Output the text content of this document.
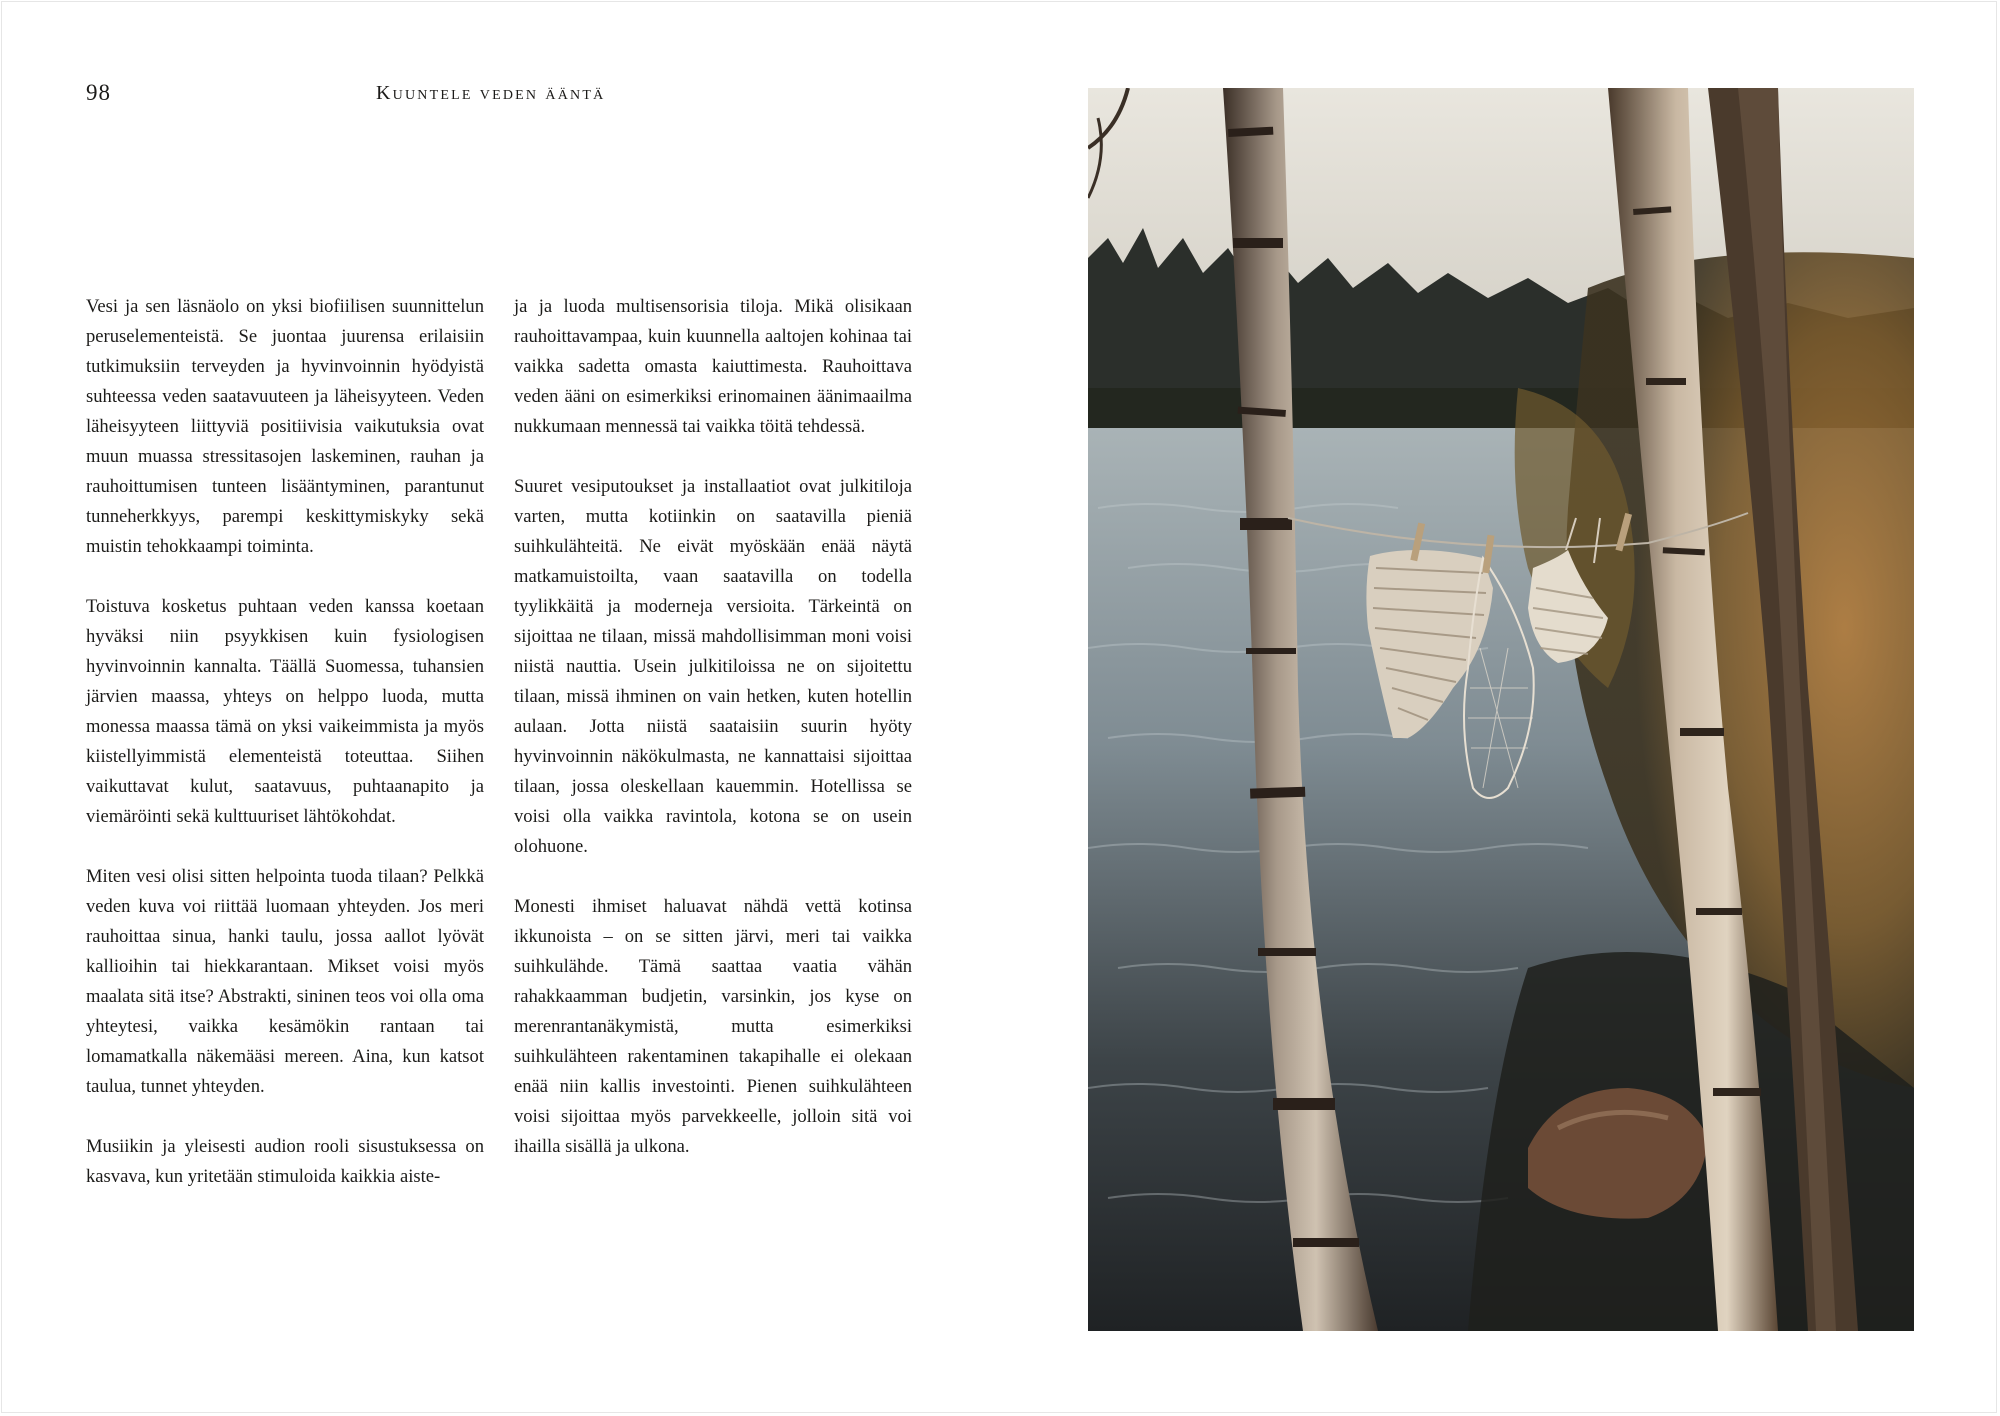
98	Kuuntele veden ääntä

Vesi ja sen läsnäolo on yksi biofiilisen suunnittelun peruselementeistä. Se juontaa juurensa erilaisiin tutkimuksiin terveyden ja hyvinvoinnin hyödyistä suhteessa veden saatavuuteen ja läheisyyteen. Veden läheisyyteen liittyviä positiivisia vaikutuksia ovat muun muassa stressitasojen laskeminen, rauhan ja rauhoittumisen tunteen lisääntyminen, parantunut tunneherkkyys, parempi keskittymiskyky sekä muistin tehokkaampi toiminta.

Toistuva kosketus puhtaan veden kanssa koetaan hyväksi niin psyykkisen kuin fysiologisen hyvinvoinnin kannalta. Täällä Suomessa, tuhansien järvien maassa, yhteys on helppo luoda, mutta monessa maassa tämä on yksi vaikeimmista ja myös kiistellyimmistä elementeistä toteuttaa. Siihen vaikuttavat kulut, saatavuus, puhtaanapito ja viemäröinti sekä kulttuuriset lähtökohdat.

Miten vesi olisi sitten helpointa tuoda tilaan? Pelkkä veden kuva voi riittää luomaan yhteyden. Jos meri rauhoittaa sinua, hanki taulu, jossa aallot lyövät kallioihin tai hiekkarantaan. Mikset voisi myös maalata sitä itse? Abstrakti, sininen teos voi olla oma yhteytesi, vaikka kesämökin rantaan tai lomamatkalla näkemääsi mereen. Aina, kun katsot taulua, tunnet yhteyden.

Musiikin ja yleisesti audion rooli sisustuksessa on kasvava, kun yritetään stimuloida kaikkia aiste-

ja ja luoda multisensorisia tiloja. Mikä olisikaan rauhoittavampaa, kuin kuunnella aaltojen kohinaa tai vaikka sadetta omasta kaiuttimesta. Rauhoittava veden ääni on esimerkiksi erinomainen äänimaailma nukkumaan mennessä tai vaikka töitä tehdessä.

Suuret vesiputoukset ja installaatiot ovat julkitiloja varten, mutta kotiinkin on saatavilla pieniä suihkulähteitä. Ne eivät myöskään enää näytä matkamuistoilta, vaan saatavilla on todella tyylikkäitä ja moderneja versioita. Tärkeintä on sijoittaa ne tilaan, missä mahdollisimman moni voisi niistä nauttia. Usein julkitiloissa ne on sijoitettu tilaan, missä ihminen on vain hetken, kuten hotellin aulaan. Jotta niistä saataisiin suurin hyöty hyvinvoinnin näkökulmasta, ne kannattaisi sijoittaa tilaan, jossa oleskellaan kauemmin. Hotellissa se voisi olla vaikka ravintola, kotona se on usein olohuone.

Monesti ihmiset haluavat nähdä vettä kotinsa ikkunoista – on se sitten järvi, meri tai vaikka suihkulähde. Tämä saattaa vaatia vähän rahakkaamman budjetin, varsinkin, jos kyse on merenrantanäkymistä, mutta esimerkiksi suihkulähteen rakentaminen takapihalle ei olekaan enää niin kallis investointi. Pienen suihkulähteen voisi sijoittaa myös parvekkeelle, jolloin sitä voi ihailla sisällä ja ulkona.
